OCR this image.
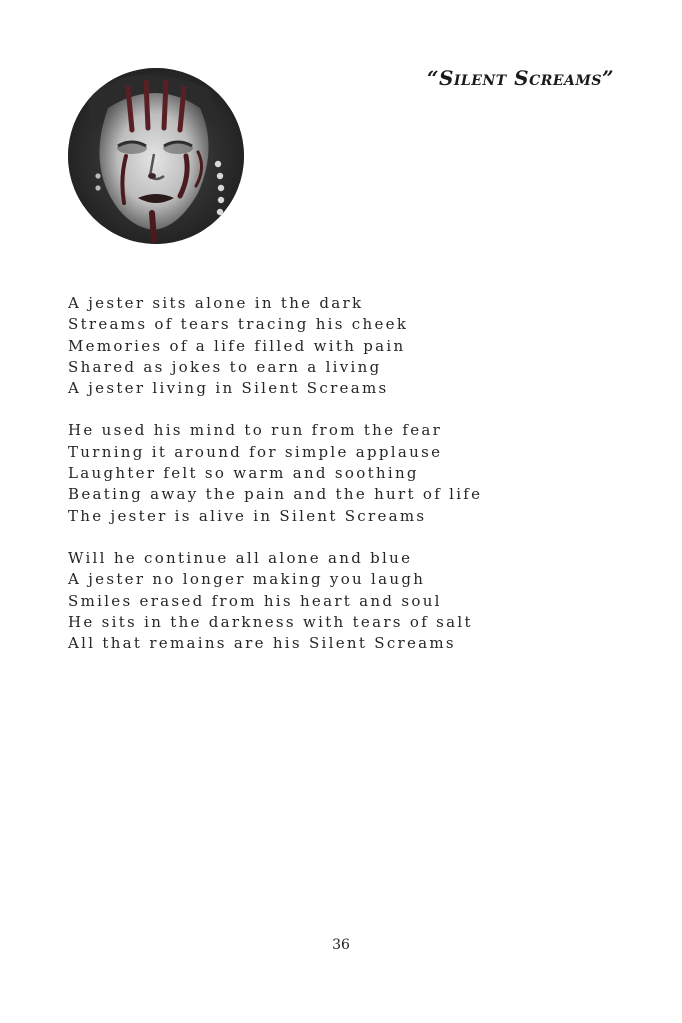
“Silent Screams”
A jester sits alone in the dark
Streams of tears tracing his cheek
Memories of a life filled with pain
Shared as jokes to earn a living
A jester living in Silent Screams
He used his mind to run from the fear
Turning it around for simple applause
Laughter felt so warm and soothing
Beating away the pain and the hurt of life
The jester is alive in Silent Screams
Will he continue all alone and blue
A jester no longer making you laugh
Smiles erased from his heart and soul
He sits in the darkness with tears of salt
All that remains are his Silent Screams
36
